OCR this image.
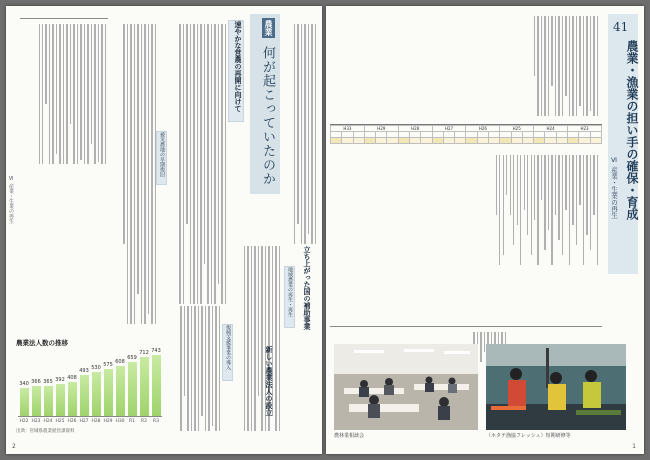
Ⅵ 産業・生業の再生
被災農地の早期復旧
速やかな営農の再開に向けて 何が起こっていたのか
農業
立ち上がった国の補助事業
地域農業の再生・再生
復興支援事業の導入	新しい農業法人の設立
農業法人数の推移
340
H22
366
H23
365
H24
392
H25
408
H26
493
H27
530
H28
575
H29
608
H30
659
R1
712
R2
743
R3
出典：宮城県農業経営課資料
2
41
農業・漁業の担い手の確保・育成
Ⅵ 産業・生業の再生
H33			H29			H28			H27			H26			H25			H24			H23		

農林業相談会	（ホタテ漁協フレッシュ）短期研修等
1
